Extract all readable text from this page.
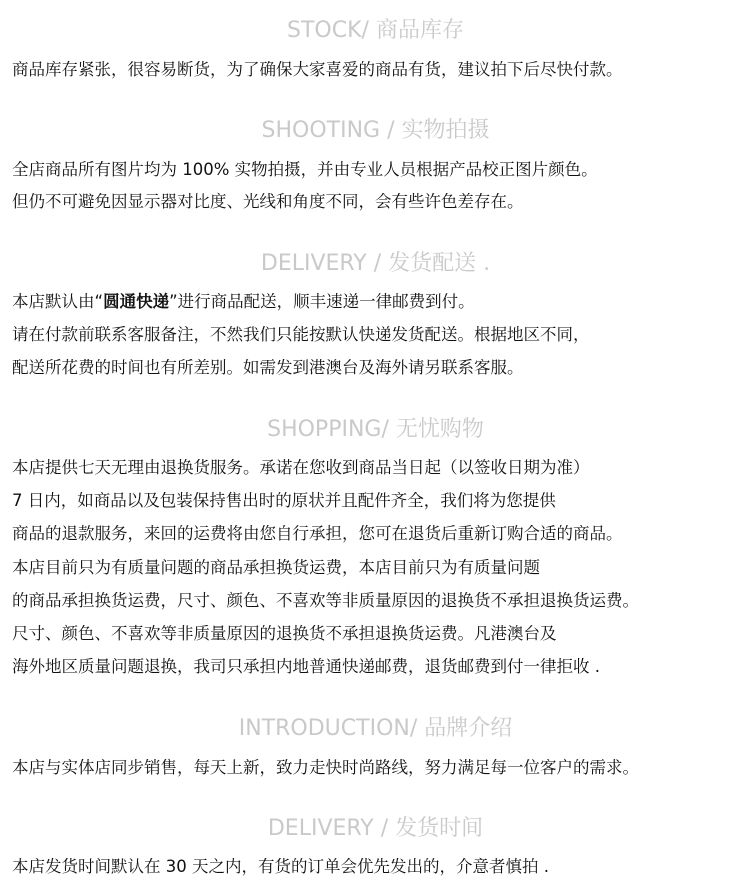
STOCK/ 商品库存

商品库存紧张，很容易断货，为了确保大家喜爱的商品有货，建议拍下后尽快付款。

SHOOTING / 实物拍摄

全店商品所有图片均为 100% 实物拍摄，并由专业人员根据产品校正图片颜色。

但仍不可避免因显示器对比度、光线和角度不同，会有些许色差存在。

DELIVERY / 发货配送 .

本店默认由“圆通快递”进行商品配送，顺丰速递一律邮费到付。

请在付款前联系客服备注，不然我们只能按默认快递发货配送。根据地区不同，

配送所花费的时间也有所差别。如需发到港澳台及海外请另联系客服。

SHOPPING/ 无忧购物

本店提供七天无理由退换货服务。承诺在您收到商品当日起（以签收日期为准）

7 日内，如商品以及包装保持售出时的原状并且配件齐全，我们将为您提供

商品的退款服务，来回的运费将由您自行承担，您可在退货后重新订购合适的商品。

本店目前只为有质量问题的商品承担换货运费，本店目前只为有质量问题

的商品承担换货运费，尺寸、颜色、不喜欢等非质量原因的退换货不承担退换货运费。

尺寸、颜色、不喜欢等非质量原因的退换货不承担退换货运费。凡港澳台及

海外地区质量问题退换，我司只承担内地普通快递邮费，退货邮费到付一律拒收 .

INTRODUCTION/ 品牌介绍

本店与实体店同步销售，每天上新，致力走快时尚路线，努力满足每一位客户的需求。

DELIVERY / 发货时间

本店发货时间默认在 30 天之内，有货的订单会优先发出的，介意者慎拍 .
